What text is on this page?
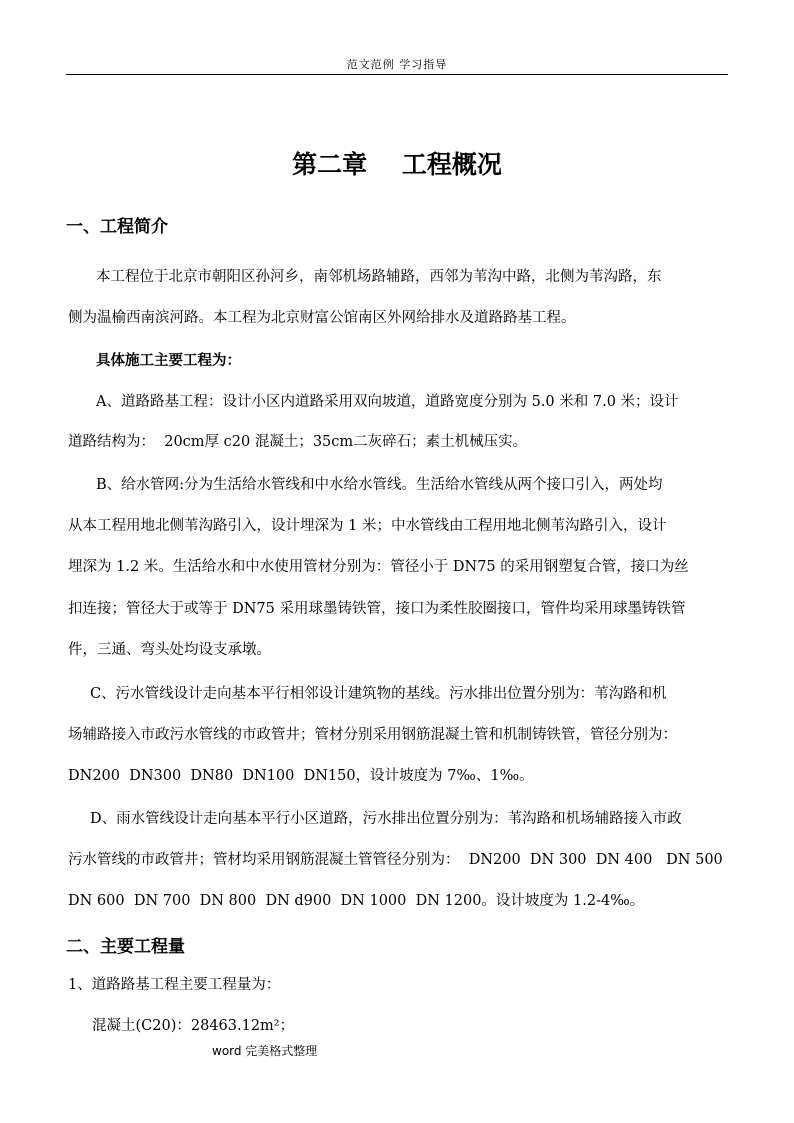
范文范例 学习指导
第二章    工程概况
一、工程简介
本工程位于北京市朝阳区孙河乡，南邻机场路辅路，西邻为苇沟中路，北侧为苇沟路，东
侧为温榆西南滨河路。本工程为北京财富公馆南区外网给排水及道路路基工程。
具体施工主要工程为：
A、道路路基工程：设计小区内道路采用双向坡道，道路宽度分别为 5.0 米和 7.0 米；设计
道路结构为：  20cm厚 c20 混凝土；35cm二灰碎石；素土机械压实。
B、给水管网:分为生活给水管线和中水给水管线。生活给水管线从两个接口引入，两处均
从本工程用地北侧苇沟路引入，设计埋深为 1 米；中水管线由工程用地北侧苇沟路引入，设计
埋深为 1.2 米。生活给水和中水使用管材分别为：管径小于 DN75 的采用钢塑复合管，接口为丝
扣连接；管径大于或等于 DN75 采用球墨铸铁管，接口为柔性胶圈接口，管件均采用球墨铸铁管
件，三通、弯头处均设支承墩。
C、污水管线设计走向基本平行相邻设计建筑物的基线。污水排出位置分别为：苇沟路和机
场辅路接入市政污水管线的市政管井；管材分别采用钢筋混凝土管和机制铸铁管，管径分别为：
DN200  DN300  DN80  DN100  DN150，设计坡度为 7‰、1‰。
D、雨水管线设计走向基本平行小区道路，污水排出位置分别为：苇沟路和机场辅路接入市政
污水管线的市政管井；管材均采用钢筋混凝土管管径分别为：  DN200  DN 300  DN 400   DN 500
DN 600  DN 700  DN 800  DN d900  DN 1000  DN 1200。设计坡度为 1.2-4‰。
二、主要工程量
1、道路路基工程主要工程量为：
混凝土(C20)：28463.12m²；
word 完美格式整理
